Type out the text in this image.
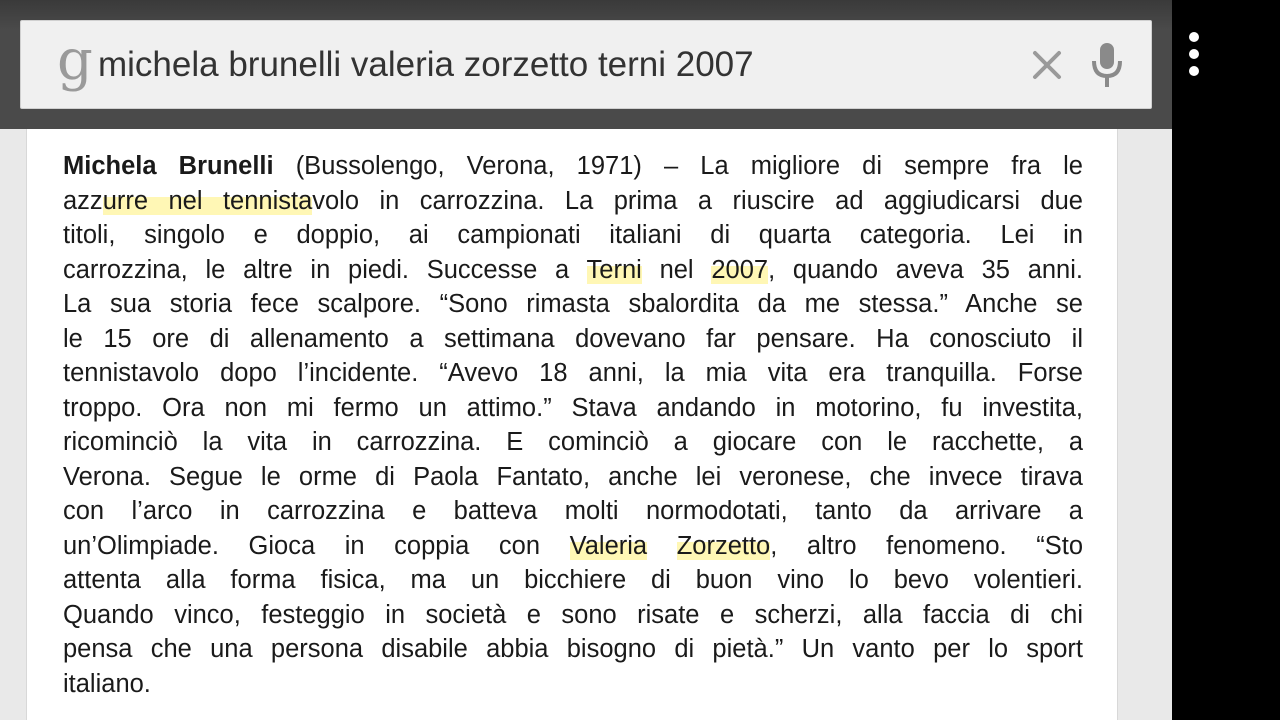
g michela brunelli valeria zorzetto terni 2007
Michela Brunelli (Bussolengo, Verona, 1971) – La migliore di sempre fra le
azzurre nel tennistavolo in carrozzina. La prima a riuscire ad aggiudicarsi due
titoli, singolo e doppio, ai campionati italiani di quarta categoria. Lei in
carrozzina, le altre in piedi. Successe a Terni nel 2007, quando aveva 35 anni.
La sua storia fece scalpore. “Sono rimasta sbalordita da me stessa.” Anche se
le 15 ore di allenamento a settimana dovevano far pensare. Ha conosciuto il
tennistavolo dopo l’incidente. “Avevo 18 anni, la mia vita era tranquilla. Forse
troppo. Ora non mi fermo un attimo.” Stava andando in motorino, fu investita,
ricominciò la vita in carrozzina. E cominciò a giocare con le racchette, a
Verona. Segue le orme di Paola Fantato, anche lei veronese, che invece tirava
con l’arco in carrozzina e batteva molti normodotati, tanto da arrivare a
un’Olimpiade. Gioca in coppia con Valeria Zorzetto, altro fenomeno. “Sto
attenta alla forma fisica, ma un bicchiere di buon vino lo bevo volentieri.
Quando vinco, festeggio in società e sono risate e scherzi, alla faccia di chi
pensa che una persona disabile abbia bisogno di pietà.” Un vanto per lo sport
italiano.
